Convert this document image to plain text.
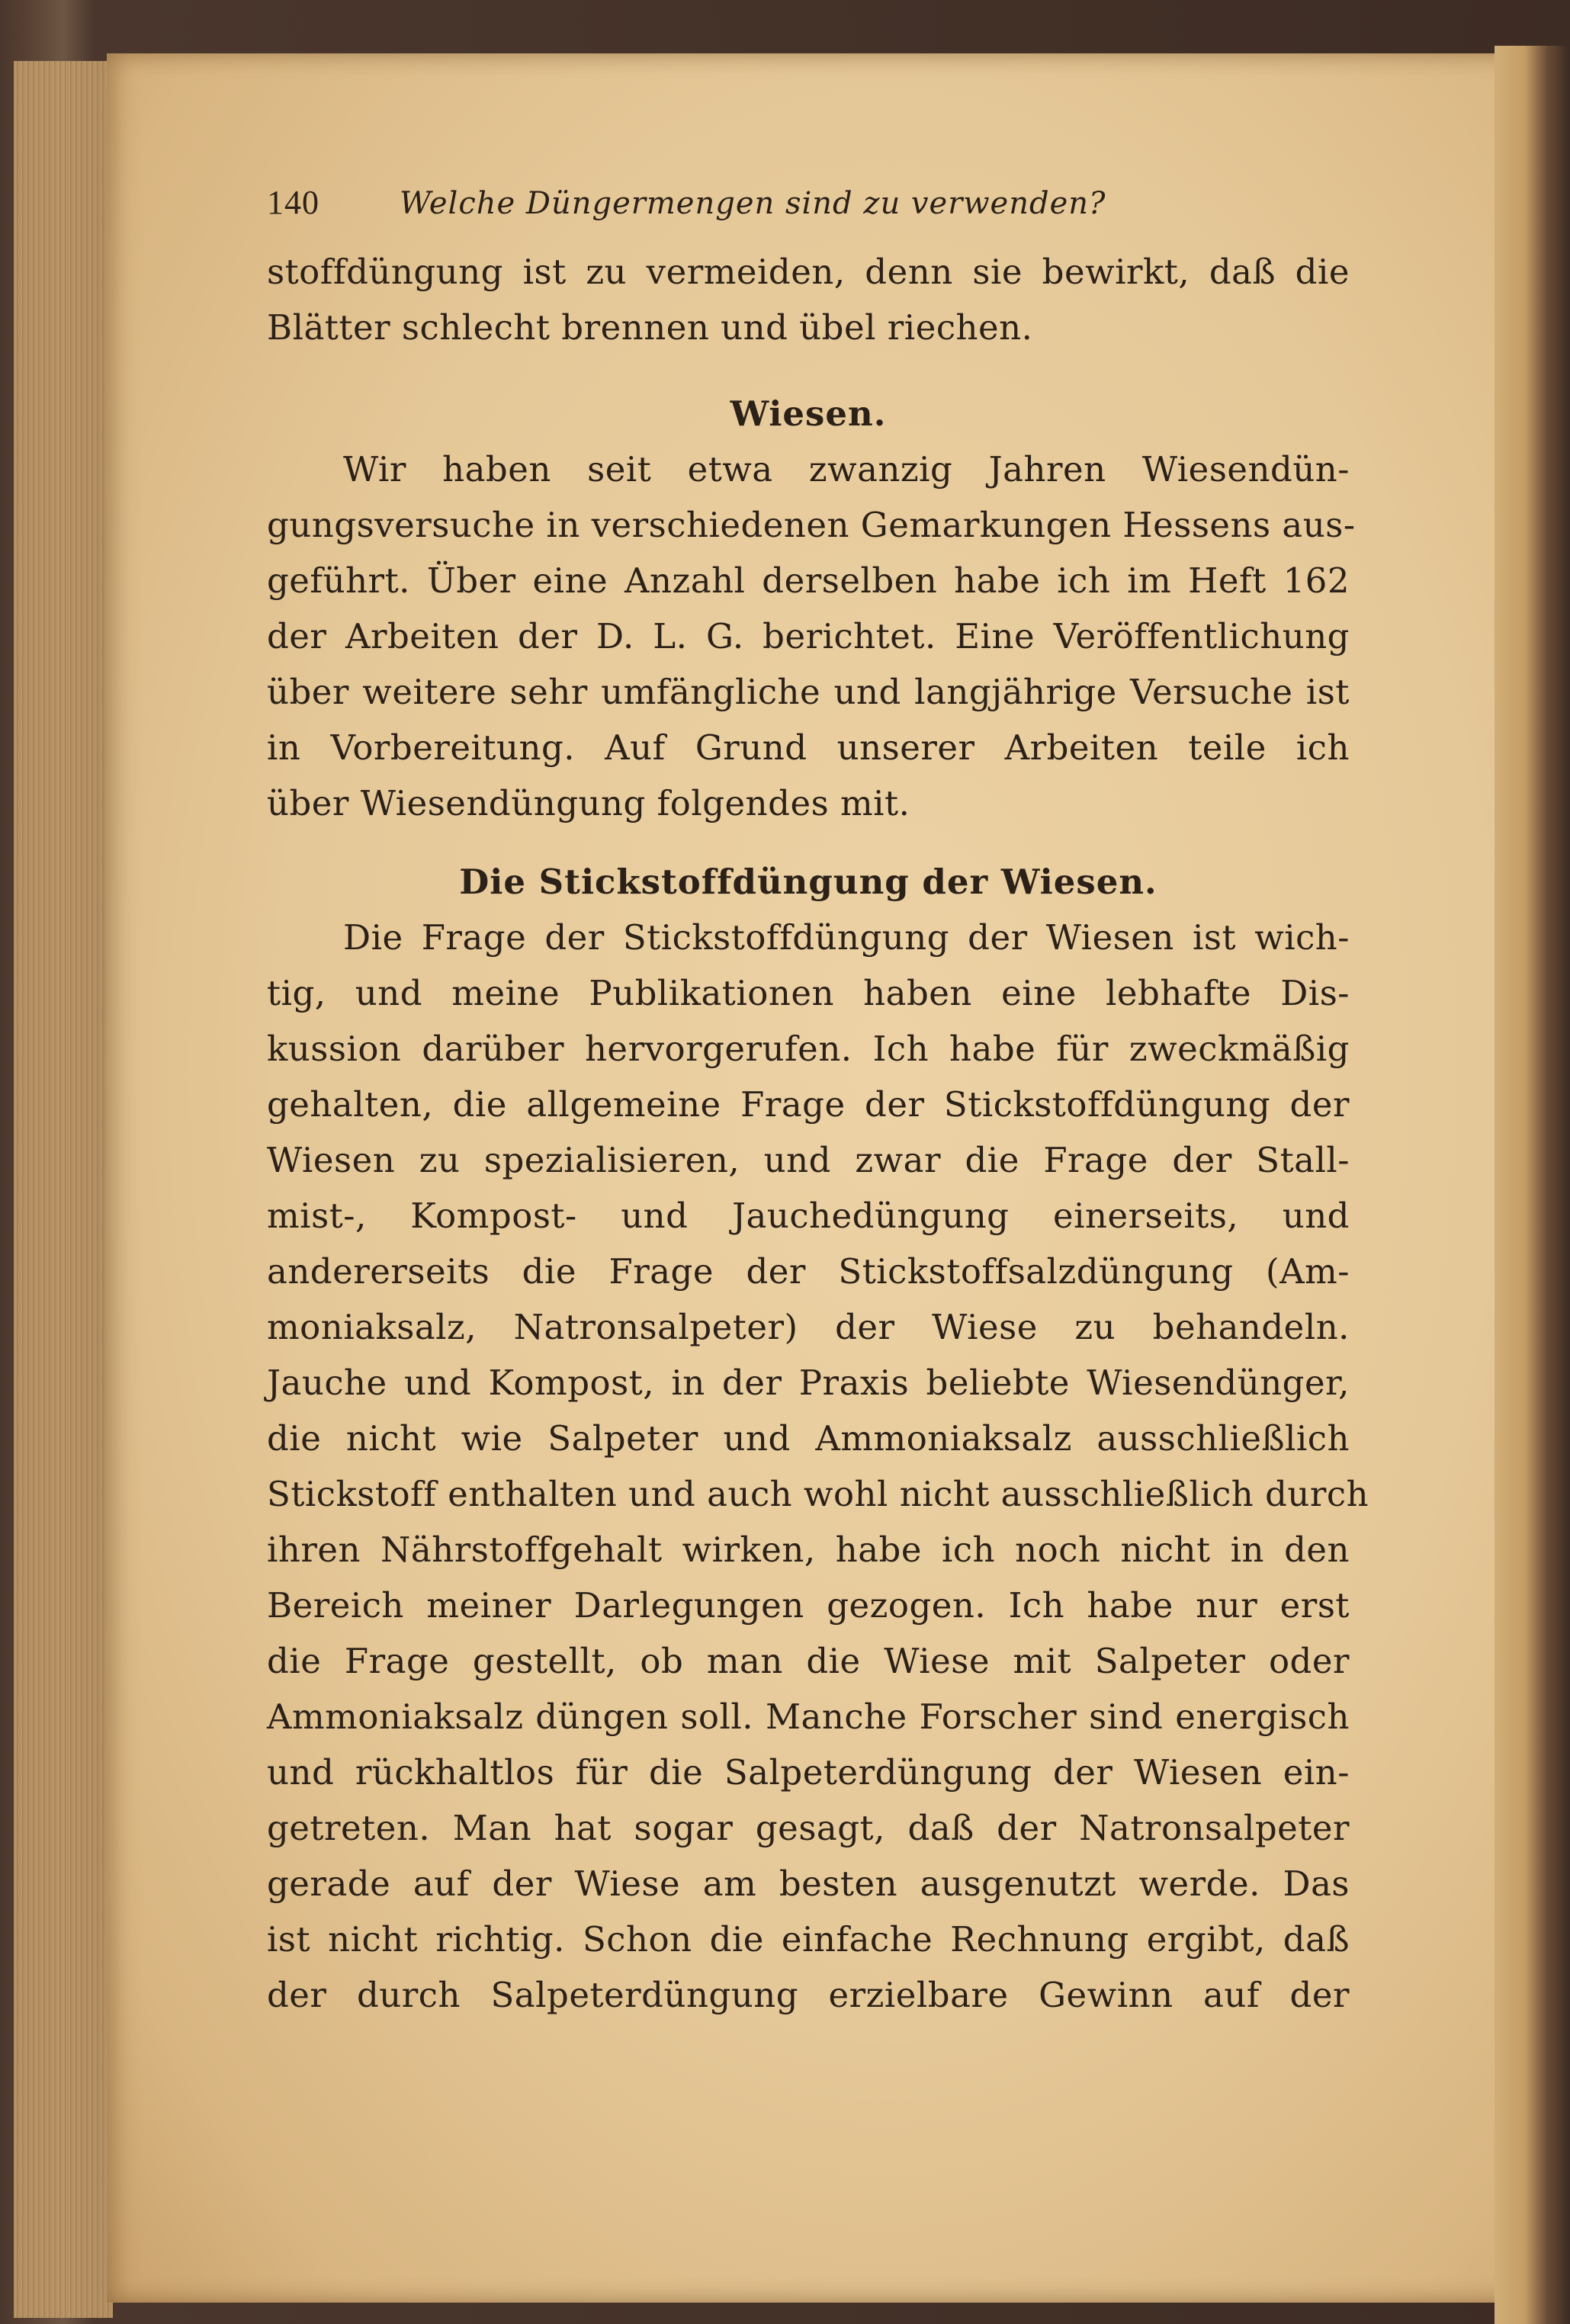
140	Welche Düngermengen sind zu verwenden?
stoffdüngung ist zu vermeiden, denn sie bewirkt, daß die
Blätter schlecht brennen und übel riechen.
Wiesen.
Wir haben seit etwa zwanzig Jahren Wiesendün-
gungsversuche in verschiedenen Gemarkungen Hessens aus-
geführt. Über eine Anzahl derselben habe ich im Heft 162
der Arbeiten der D. L. G. berichtet. Eine Veröffentlichung
über weitere sehr umfängliche und langjährige Versuche ist
in Vorbereitung. Auf Grund unserer Arbeiten teile ich
über Wiesendüngung folgendes mit.
Die Stickstoffdüngung der Wiesen.
Die Frage der Stickstoffdüngung der Wiesen ist wich-
tig, und meine Publikationen haben eine lebhafte Dis-
kussion darüber hervorgerufen. Ich habe für zweckmäßig
gehalten, die allgemeine Frage der Stickstoffdüngung der
Wiesen zu spezialisieren, und zwar die Frage der Stall-
mist-, Kompost- und Jauchedüngung einerseits, und
andererseits die Frage der Stickstoffsalzdüngung (Am-
moniaksalz, Natronsalpeter) der Wiese zu behandeln.
Jauche und Kompost, in der Praxis beliebte Wiesendünger,
die nicht wie Salpeter und Ammoniaksalz ausschließlich
Stickstoff enthalten und auch wohl nicht ausschließlich durch
ihren Nährstoffgehalt wirken, habe ich noch nicht in den
Bereich meiner Darlegungen gezogen. Ich habe nur erst
die Frage gestellt, ob man die Wiese mit Salpeter oder
Ammoniaksalz düngen soll. Manche Forscher sind energisch
und rückhaltlos für die Salpeterdüngung der Wiesen ein-
getreten. Man hat sogar gesagt, daß der Natronsalpeter
gerade auf der Wiese am besten ausgenutzt werde. Das
ist nicht richtig. Schon die einfache Rechnung ergibt, daß
der durch Salpeterdüngung erzielbare Gewinn auf der
